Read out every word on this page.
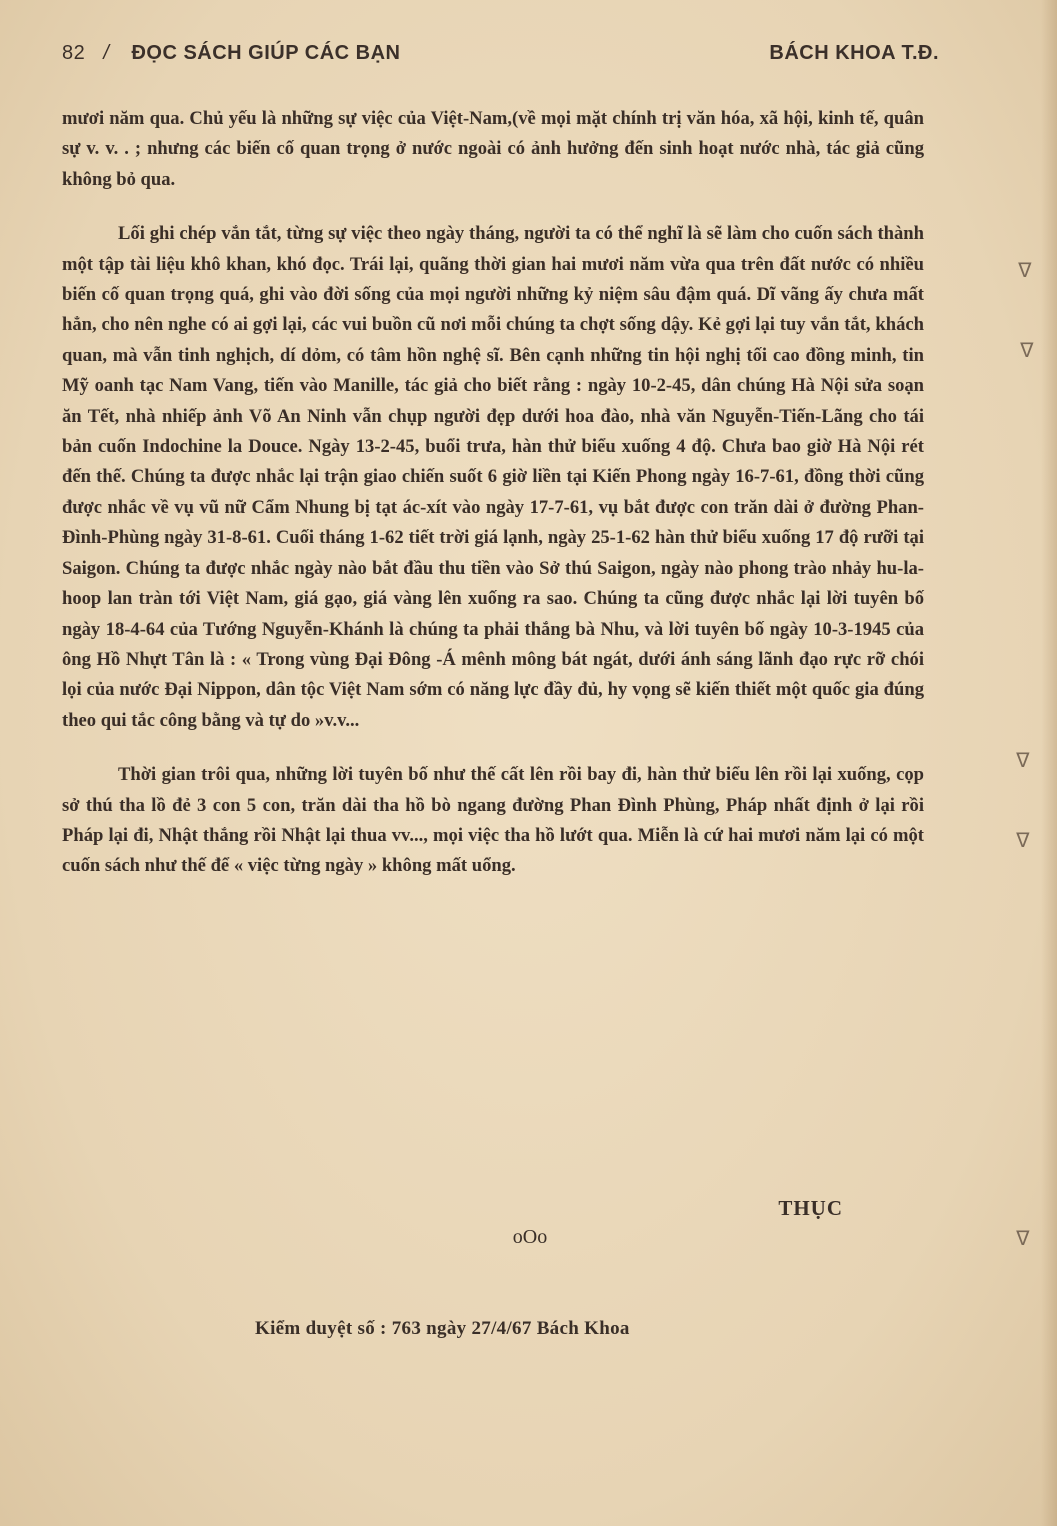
82 / ĐỌC SÁCH GIÚP CÁC BẠN	BÁCH KHOA T.Đ.

mươi năm qua. Chủ yếu là những sự việc của Việt-Nam,(về mọi mặt chính trị văn hóa, xã hội, kinh tế, quân sự v. v. . ; nhưng các biến cố quan trọng ở nước ngoài có ảnh hưởng đến sinh hoạt nước nhà, tác giả cũng không bỏ qua.

Lối ghi chép vắn tắt, từng sự việc theo ngày tháng, người ta có thể nghĩ là sẽ làm cho cuốn sách thành một tập tài liệu khô khan, khó đọc. Trái lại, quãng thời gian hai mươi năm vừa qua trên đất nước có nhiều biến cố quan trọng quá, ghi vào đời sống của mọi người những kỷ niệm sâu đậm quá. Dĩ vãng ấy chưa mất hẳn, cho nên nghe có ai gợi lại, các vui buồn cũ nơi mỗi chúng ta chợt sống dậy. Kẻ gợi lại tuy vắn tắt, khách quan, mà vẫn tinh nghịch, dí dỏm, có tâm hồn nghệ sĩ. Bên cạnh những tin hội nghị tối cao đồng minh, tin Mỹ oanh tạc Nam Vang, tiến vào Manille, tác giả cho biết rằng : ngày 10-2-45, dân chúng Hà Nội sửa soạn ăn Tết, nhà nhiếp ảnh Võ An Ninh vẫn chụp người đẹp dưới hoa đào, nhà văn Nguyễn-Tiến-Lãng cho tái bản cuốn Indochine la Douce. Ngày 13-2-45, buổi trưa, hàn thử biểu xuống 4 độ. Chưa bao giờ Hà Nội rét đến thế. Chúng ta được nhắc lại trận giao chiến suốt 6 giờ liền tại Kiến Phong ngày 16-7-61, đồng thời cũng được nhắc về vụ vũ nữ Cẩm Nhung bị tạt ác-xít vào ngày 17-7-61, vụ bắt được con trăn dài ở đường Phan-Đình-Phùng ngày 31-8-61. Cuối tháng 1-62 tiết trời giá lạnh, ngày 25-1-62 hàn thử biểu xuống 17 độ rưỡi tại Saigon. Chúng ta được nhắc ngày nào bắt đầu thu tiền vào Sở thú Saigon, ngày nào phong trào nhảy hu-la-hoop lan tràn tới Việt Nam, giá gạo, giá vàng lên xuống ra sao. Chúng ta cũng được nhắc lại lời tuyên bố ngày 18-4-64 của Tướng Nguyễn-Khánh là chúng ta phải thắng bà Nhu, và lời tuyên bố ngày 10-3-1945 của ông Hồ Nhựt Tân là : « Trong vùng Đại Đông -Á mênh mông bát ngát, dưới ánh sáng lãnh đạo rực rỡ chói lọi của nước Đại Nippon, dân tộc Việt Nam sớm có năng lực đầy đủ, hy vọng sẽ kiến thiết một quốc gia đúng theo qui tắc công bằng và tự do »v.v...

Thời gian trôi qua, những lời tuyên bố như thế cất lên rồi bay đi, hàn thử biểu lên rồi lại xuống, cọp sở thú tha lồ đẻ 3 con 5 con, trăn dài tha hồ bò ngang đường Phan Đình Phùng, Pháp nhất định ở lại rồi Pháp lại đi, Nhật thắng rồi Nhật lại thua vv..., mọi việc tha hồ lướt qua. Miễn là cứ hai mươi năm lại có một cuốn sách như thế để « việc từng ngày » không mất uổng.

THỤC
oOo
Kiểm duyệt số : 763 ngày 27/4/67 Bách Khoa
ᐁ
ᐁ
ᐁ
ᐁ
ᐁ
